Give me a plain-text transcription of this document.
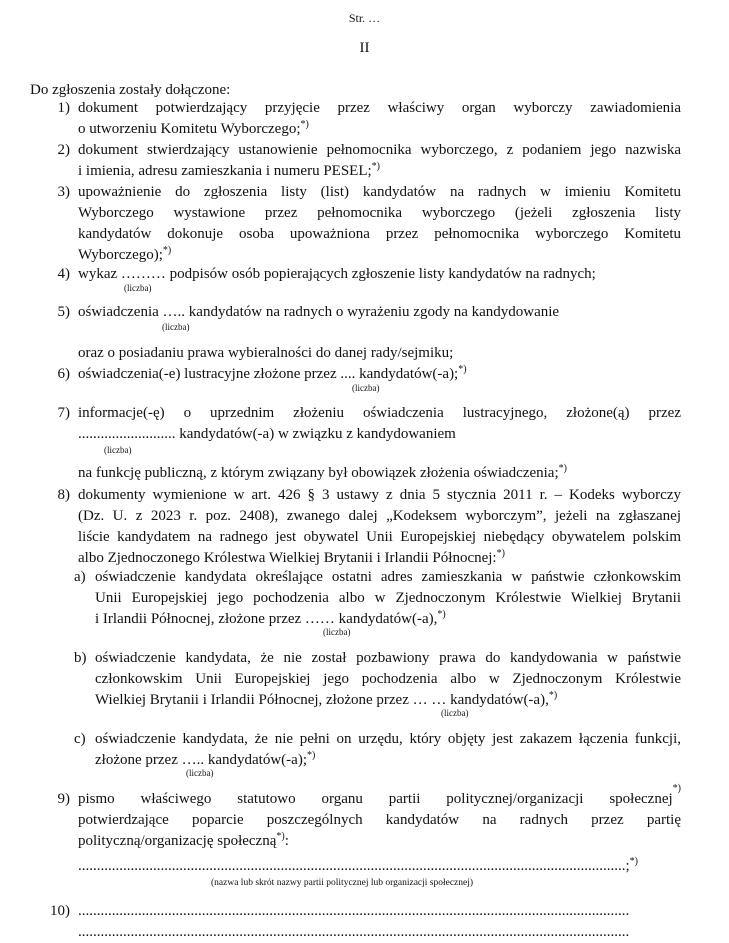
Str. …
II
Do zgłoszenia zostały dołączone:
1) dokument potwierdzający przyjęcie przez właściwy organ wyborczy zawiadomienia
o utworzeniu Komitetu Wyborczego;*)
2) dokument stwierdzający ustanowienie pełnomocnika wyborczego, z podaniem jego nazwiska
i imienia, adresu zamieszkania i numeru PESEL;*)
3) upoważnienie do zgłoszenia listy (list) kandydatów na radnych w imieniu Komitetu
Wyborczego wystawione przez pełnomocnika wyborczego (jeżeli zgłoszenia listy
kandydatów dokonuje osoba upoważniona przez pełnomocnika wyborczego Komitetu
Wyborczego);*)
4) wykaz ……… podpisów osób popierających zgłoszenie listy kandydatów na radnych;
(liczba)
5) oświadczenia ….. kandydatów na radnych o wyrażeniu zgody na kandydowanie
(liczba)
oraz o posiadaniu prawa wybieralności do danej rady/sejmiku;
6) oświadczenia(-e) lustracyjne złożone przez .... kandydatów(-a);*)
(liczba)
7) informacje(-ę) o uprzednim złożeniu oświadczenia lustracyjnego, złożone(ą) przez
.......................... kandydatów(-a) w związku z kandydowaniem
(liczba)
na funkcję publiczną, z którym związany był obowiązek złożenia oświadczenia;*)
8) dokumenty wymienione w art. 426 § 3 ustawy z dnia 5 stycznia 2011 r. – Kodeks wyborczy
(Dz. U. z 2023 r. poz. 2408), zwanego dalej „Kodeksem wyborczym”, jeżeli na zgłaszanej
liście kandydatem na radnego jest obywatel Unii Europejskiej niebędący obywatelem polskim
albo Zjednoczonego Królestwa Wielkiej Brytanii i Irlandii Północnej:*)
a) oświadczenie kandydata określające ostatni adres zamieszkania w państwie członkowskim
Unii Europejskiej jego pochodzenia albo w Zjednoczonym Królestwie Wielkiej Brytanii
i Irlandii Północnej, złożone przez …… kandydatów(-a),*)
(liczba)
b) oświadczenie kandydata, że nie został pozbawiony prawa do kandydowania w państwie
członkowskim Unii Europejskiej jego pochodzenia albo w Zjednoczonym Królestwie
Wielkiej Brytanii i Irlandii Północnej, złożone przez … … kandydatów(-a),*)
(liczba)
c) oświadczenie kandydata, że nie pełni on urzędu, który objęty jest zakazem łączenia funkcji,
złożone przez ….. kandydatów(-a);*)
(liczba)
9) pismo właściwego statutowo organu partii politycznej/organizacji społecznej
*)
potwierdzające poparcie poszczególnych kandydatów na radnych przez partię
polityczną/organizację społeczną*):
..................................................................................................................................................;*)
(nazwa lub skrót nazwy partii politycznej lub organizacji społecznej)
10) ...................................................................................................................................................
...................................................................................................................................................
